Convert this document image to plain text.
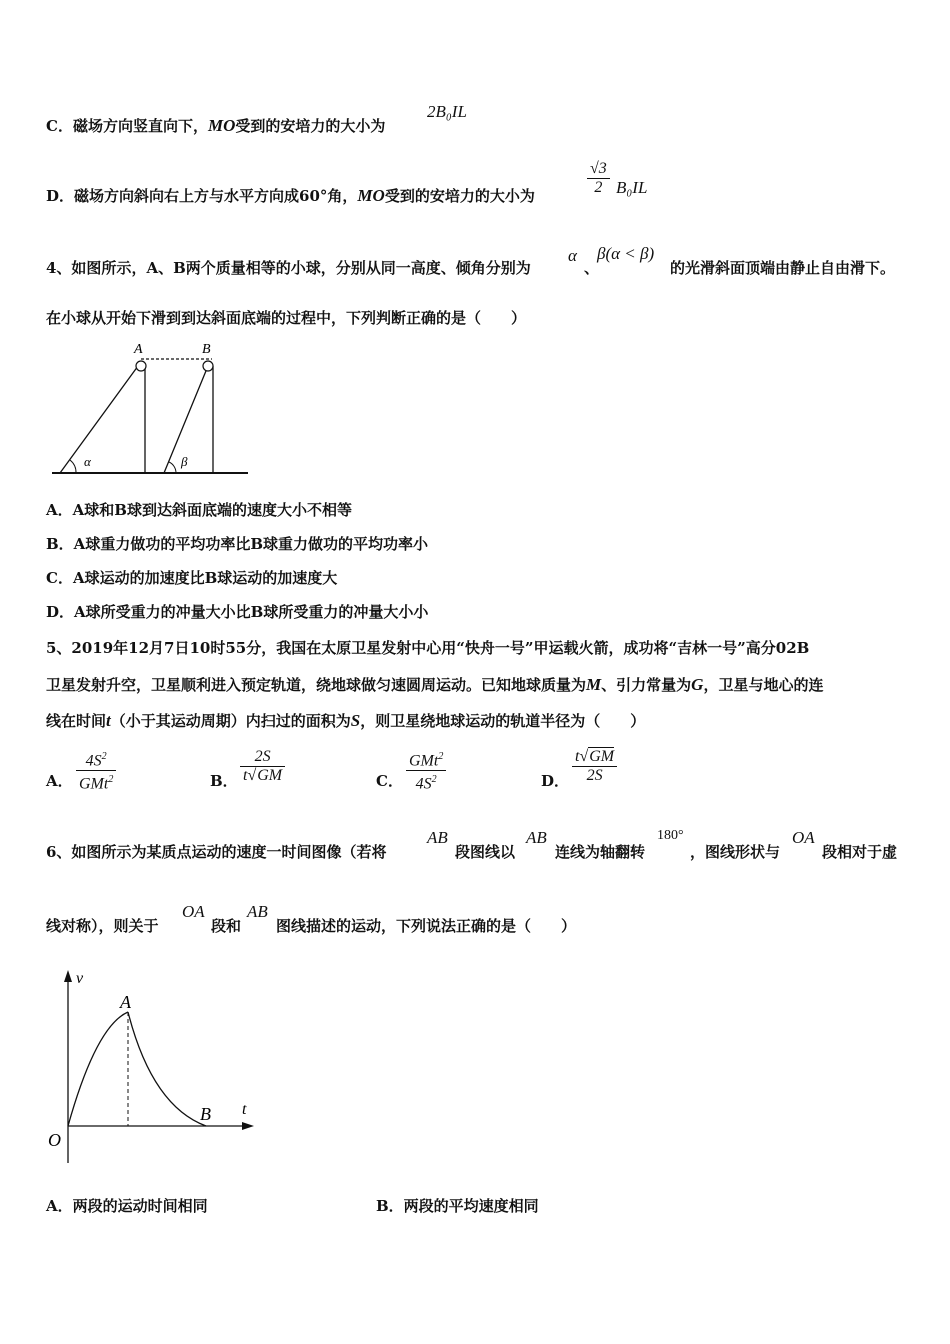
C．磁场方向竖直向下，MO受到的安培力的大小为
2B₀IL
D．磁场方向斜向右上方与水平方向成60°角，MO受到的安培力的大小为	$\frac{√3}{2} B_0IL$
4、如图所示，A、B两个质量相等的小球，分别从同一高度、倾角分别为
α
、
β(α < β)
的光滑斜面顶端由静止自由滑下。
在小球从开始下滑到到达斜面底端的过程中，下列判断正确的是（　　）
A	B
α	β
A．A球和B球到达斜面底端的速度大小不相等
B．A球重力做功的平均功率比B球重力做功的平均功率小
C．A球运动的加速度比B球运动的加速度大
D．A球所受重力的冲量大小比B球所受重力的冲量大小小
5、2019年12月7日10时55分，我国在太原卫星发射中心用“快舟一号”甲运载火箭，成功将“吉林一号”高分02B
卫星发射升空，卫星顺利进入预定轨道，绕地球做匀速圆周运动。已知地球质量为M、引力常量为G，卫星与地心的连
线在时间t（小于其运动周期）内扫过的面积为S，则卫星绕地球运动的轨道半径为（　　）
A．
$4S^2$
GMt$^2$	B． $\frac{2S}{t√GM}$	C．
GMt$^2$
$4S^2$	D． $\frac{t√GM}{2S}$
6、如图所示为某质点运动的速度一时间图像（若将
AB
段图线以
AB
连线为轴翻转
180°
，图线形状与
OA
段相对于虚
线对称），则关于
OA
段和
AB
图线描述的运动，下列说法正确的是（　　）
v
t
O
A
B
A．两段的运动时间相同	B．两段的平均速度相同
